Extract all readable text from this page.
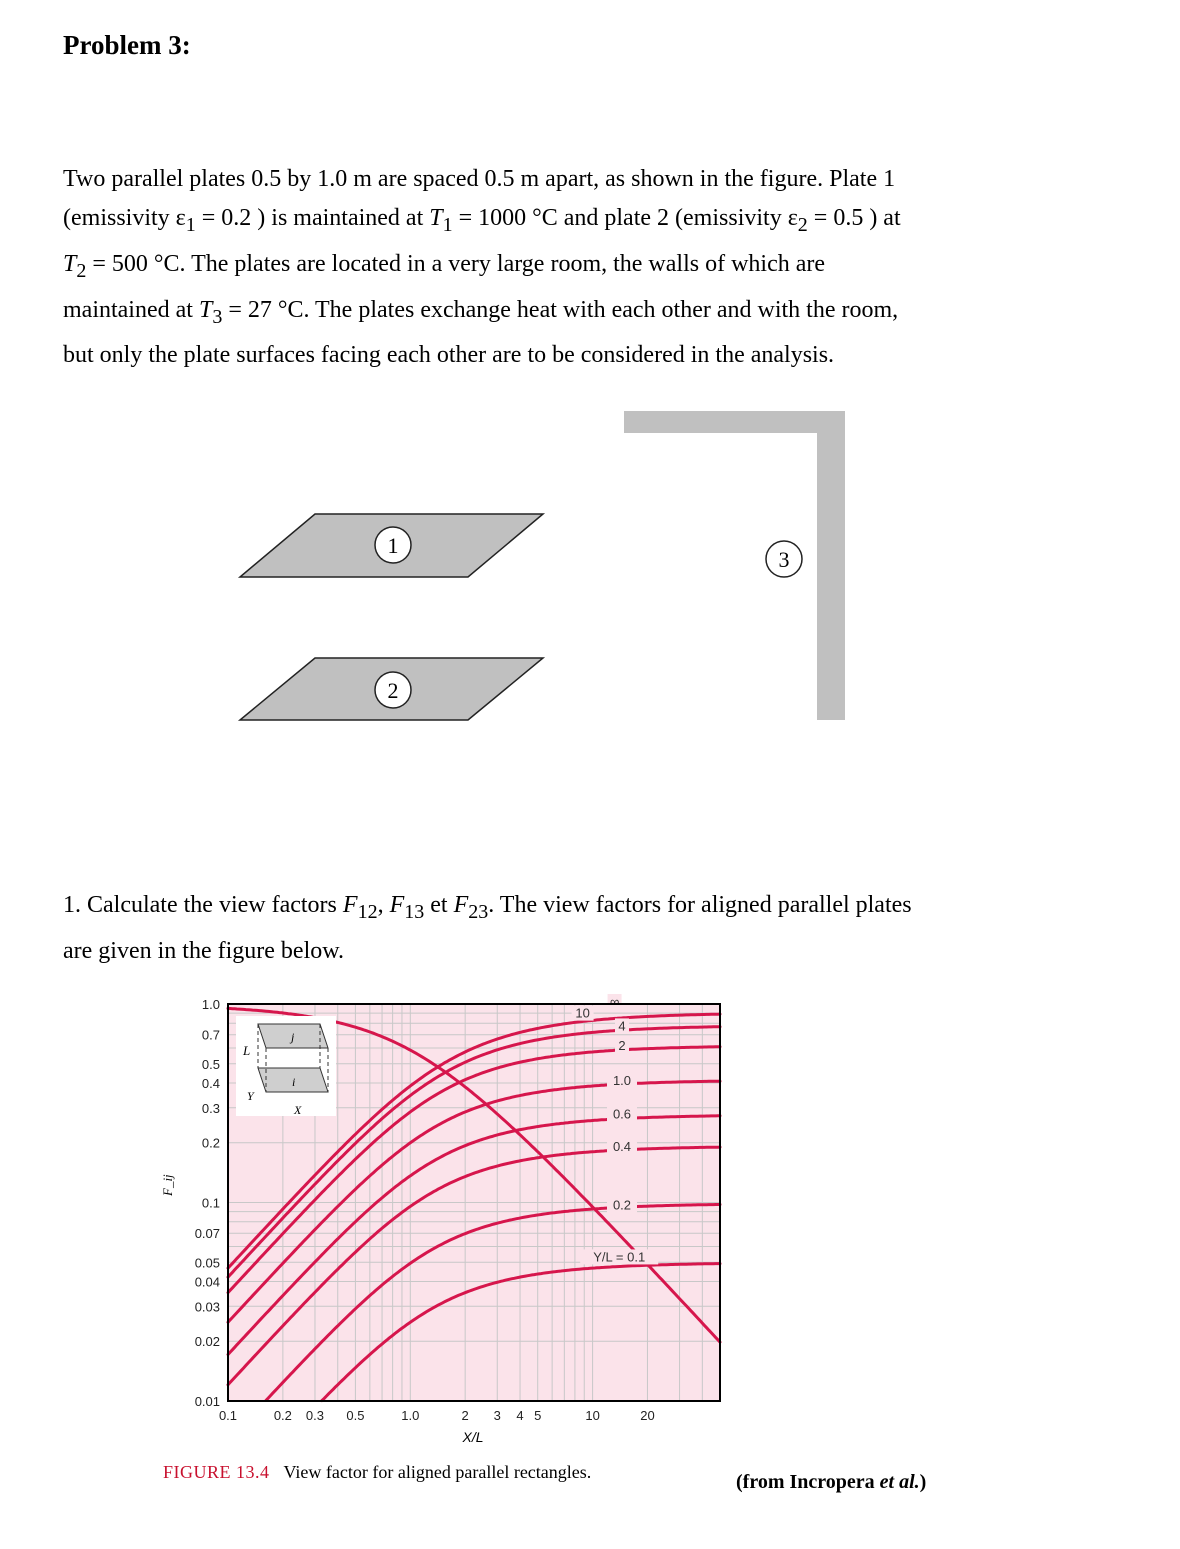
Problem 3:
Two parallel plates 0.5 by 1.0 m are spaced 0.5 m apart, as shown in the figure. Plate 1
(emissivity $\varepsilon_1 = 0.2$ ) is maintained at $T_1 = 1000$ °C and plate 2 (emissivity $\varepsilon_2 = 0.5$ ) at
$T_2 = 500$ °C. The plates are located in a very large room, the walls of which are
maintained at $T_3 = 27$ °C. The plates exchange heat with each other and with the room,
but only the plate surfaces facing each other are to be considered in the analysis.
1
2
3
1. Calculate the view factors $F_{12}$, $F_{13}$ et $F_{23}$. The view factors for aligned parallel plates
are given in the figure below.
∞
10
4
2
1.0
0.6
0.4
0.2
Y/L = 0.1
1.0
0.7
0.5
0.4
0.3
0.2
0.1
0.07
0.05
0.04
0.03
0.02
0.01
0.1	0.2 0.3 0.5	1.0	2 3 4 5	10	20
X/L
F_ij
L
Y
X
j
i
FIGURE 13.4 View factor for aligned parallel rectangles.	(from Incropera et al.)
